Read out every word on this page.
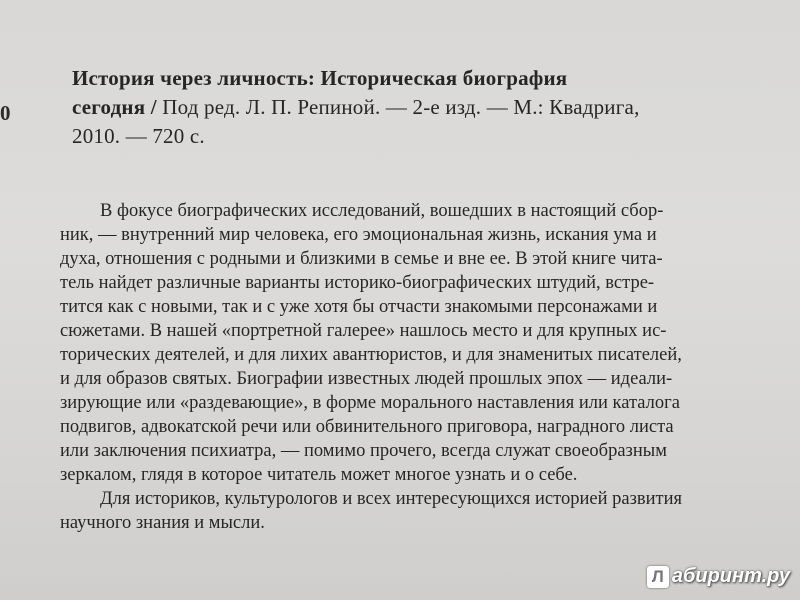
0
История через личность: Историческая биография
сегодня / Под ред. Л. П. Репиной. — 2-е изд. — М.: Квадрига,
2010. — 720 с.
В фокусе биографических исследований, вошедших в настоящий сбор-
ник, — внутренний мир человека, его эмоциональная жизнь, искания ума и
духа, отношения с родными и близкими в семье и вне ее. В этой книге чита-
тель найдет различные варианты историко-биографических штудий, встре-
тится как с новыми, так и с уже хотя бы отчасти знакомыми персонажами и
сюжетами. В нашей «портретной галерее» нашлось место и для крупных ис-
торических деятелей, и для лихих авантюристов, и для знаменитых писателей,
и для образов святых. Биографии известных людей прошлых эпох — идеали-
зирующие или «раздевающие», в форме морального наставления или каталога
подвигов, адвокатской речи или обвинительного приговора, наградного листа
или заключения психиатра, — помимо прочего, всегда служат своеобразным
зеркалом, глядя в которое читатель может многое узнать и о себе.
Для историков, культурологов и всех интересующихся историей развития
научного знания и мысли.
Л абиринт.ру
